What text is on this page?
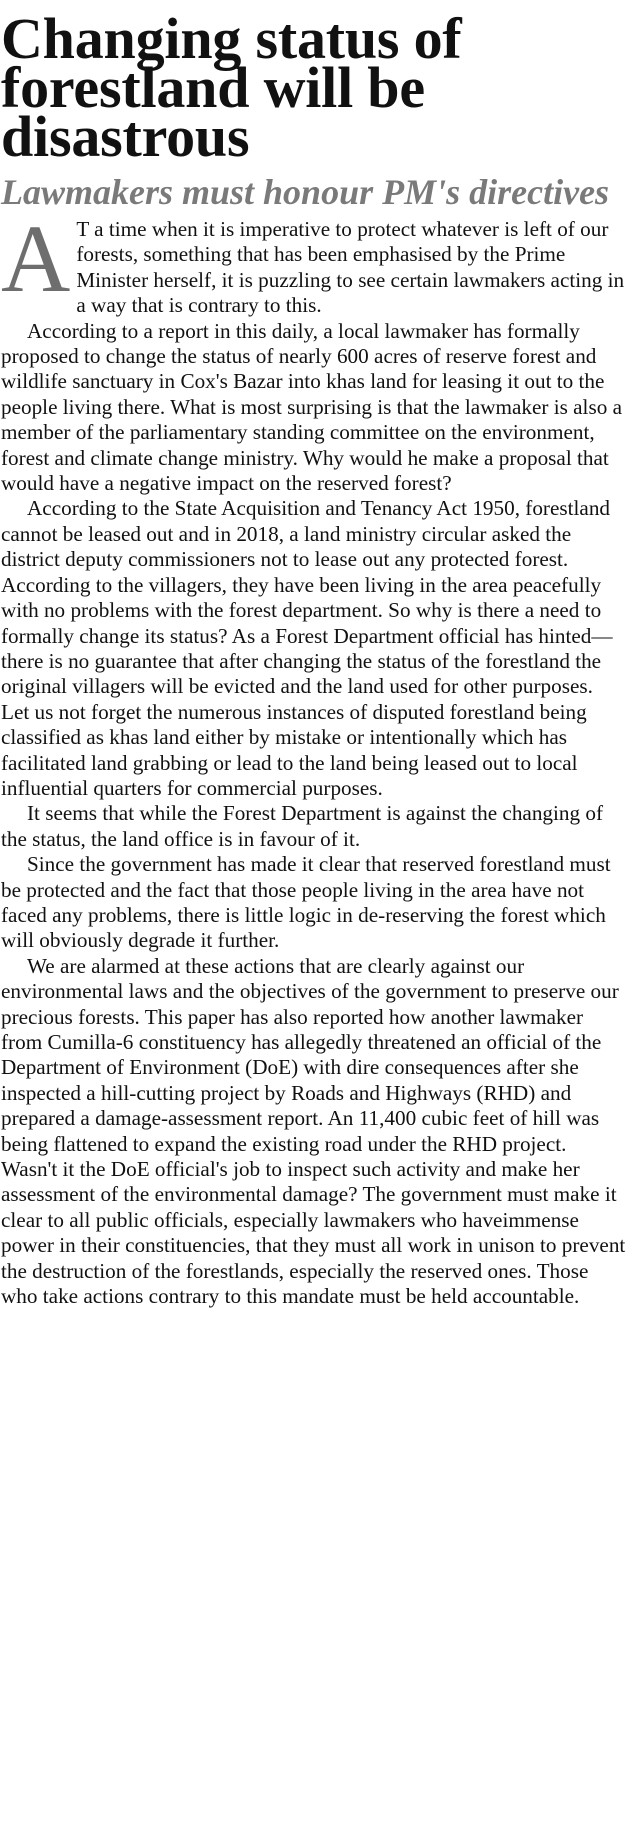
Changing status of forestland will be disastrous
Lawmakers must honour PM's directives

A T a time when it is imperative to protect whatever is left of our forests, something that has been emphasised by the Prime Minister herself, it is puzzling to see certain lawmakers acting in a way that is contrary to this.

According to a report in this daily, a local lawmaker has formally proposed to change the status of nearly 600 acres of reserve forest and wildlife sanctuary in Cox's Bazar into khas land for leasing it out to the people living there. What is most surprising is that the lawmaker is also a member of the parliamentary standing committee on the environment, forest and climate change ministry. Why would he make a proposal that would have a negative impact on the reserved forest?

According to the State Acquisition and Tenancy Act 1950, forestland cannot be leased out and in 2018, a land ministry circular asked the district deputy commissioners not to lease out any protected forest. According to the villagers, they have been living in the area peacefully with no problems with the forest department. So why is there a need to formally change its status? As a Forest Department official has hinted—there is no guarantee that after changing the status of the forestland the original villagers will be evicted and the land used for other purposes.

Let us not forget the numerous instances of disputed forestland being classified as khas land either by mistake or intentionally which has facilitated land grabbing or lead to the land being leased out to local influential quarters for commercial purposes.

It seems that while the Forest Department is against the changing of the status, the land office is in favour of it.

Since the government has made it clear that reserved forestland must be protected and the fact that those people living in the area have not faced any problems, there is little logic in de-reserving the forest which will obviously degrade it further.

We are alarmed at these actions that are clearly against our environmental laws and the objectives of the government to preserve our precious forests. This paper has also reported how another lawmaker from Cumilla-6 constituency has allegedly threatened an official of the Department of Environment (DoE) with dire consequences after she inspected a hill-cutting project by Roads and Highways (RHD) and prepared a damage-assessment report. An 11,400 cubic feet of hill was being flattened to expand the existing road under the RHD project. Wasn't it the DoE official's job to inspect such activity and make her assessment of the environmental damage? The government must make it clear to all public officials, especially lawmakers who haveimmense power in their constituencies, that they must all work in unison to prevent the destruction of the forestlands, especially the reserved ones. Those who take actions contrary to this mandate must be held accountable.
